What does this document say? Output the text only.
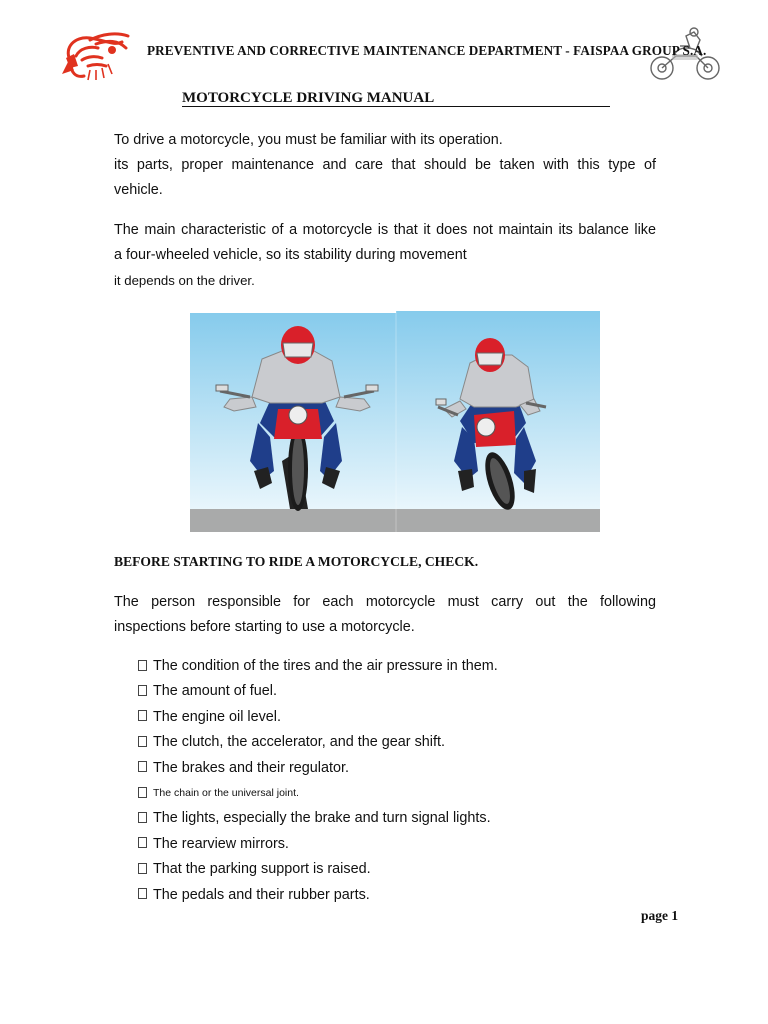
PREVENTIVE AND CORRECTIVE MAINTENANCE DEPARTMENT - FAISPAA GROUP S.A.
MOTORCYCLE DRIVING MANUAL
To drive a motorcycle, you must be familiar with its operation.
its parts, proper maintenance and care that should be taken with this type of
vehicle.
The main characteristic of a motorcycle is that it does not maintain its balance like
a four-wheeled vehicle, so its stability during movement
it depends on the driver.
BEFORE STARTING TO RIDE A MOTORCYCLE, CHECK.
The person responsible for each motorcycle must carry out the following
inspections before starting to use a motorcycle.
The condition of the tires and the air pressure in them.
The amount of fuel.
The engine oil level.
The clutch, the accelerator, and the gear shift.
The brakes and their regulator.
The chain or the universal joint.
The lights, especially the brake and turn signal lights.
The rearview mirrors.
That the parking support is raised.
The pedals and their rubber parts.
page 1
